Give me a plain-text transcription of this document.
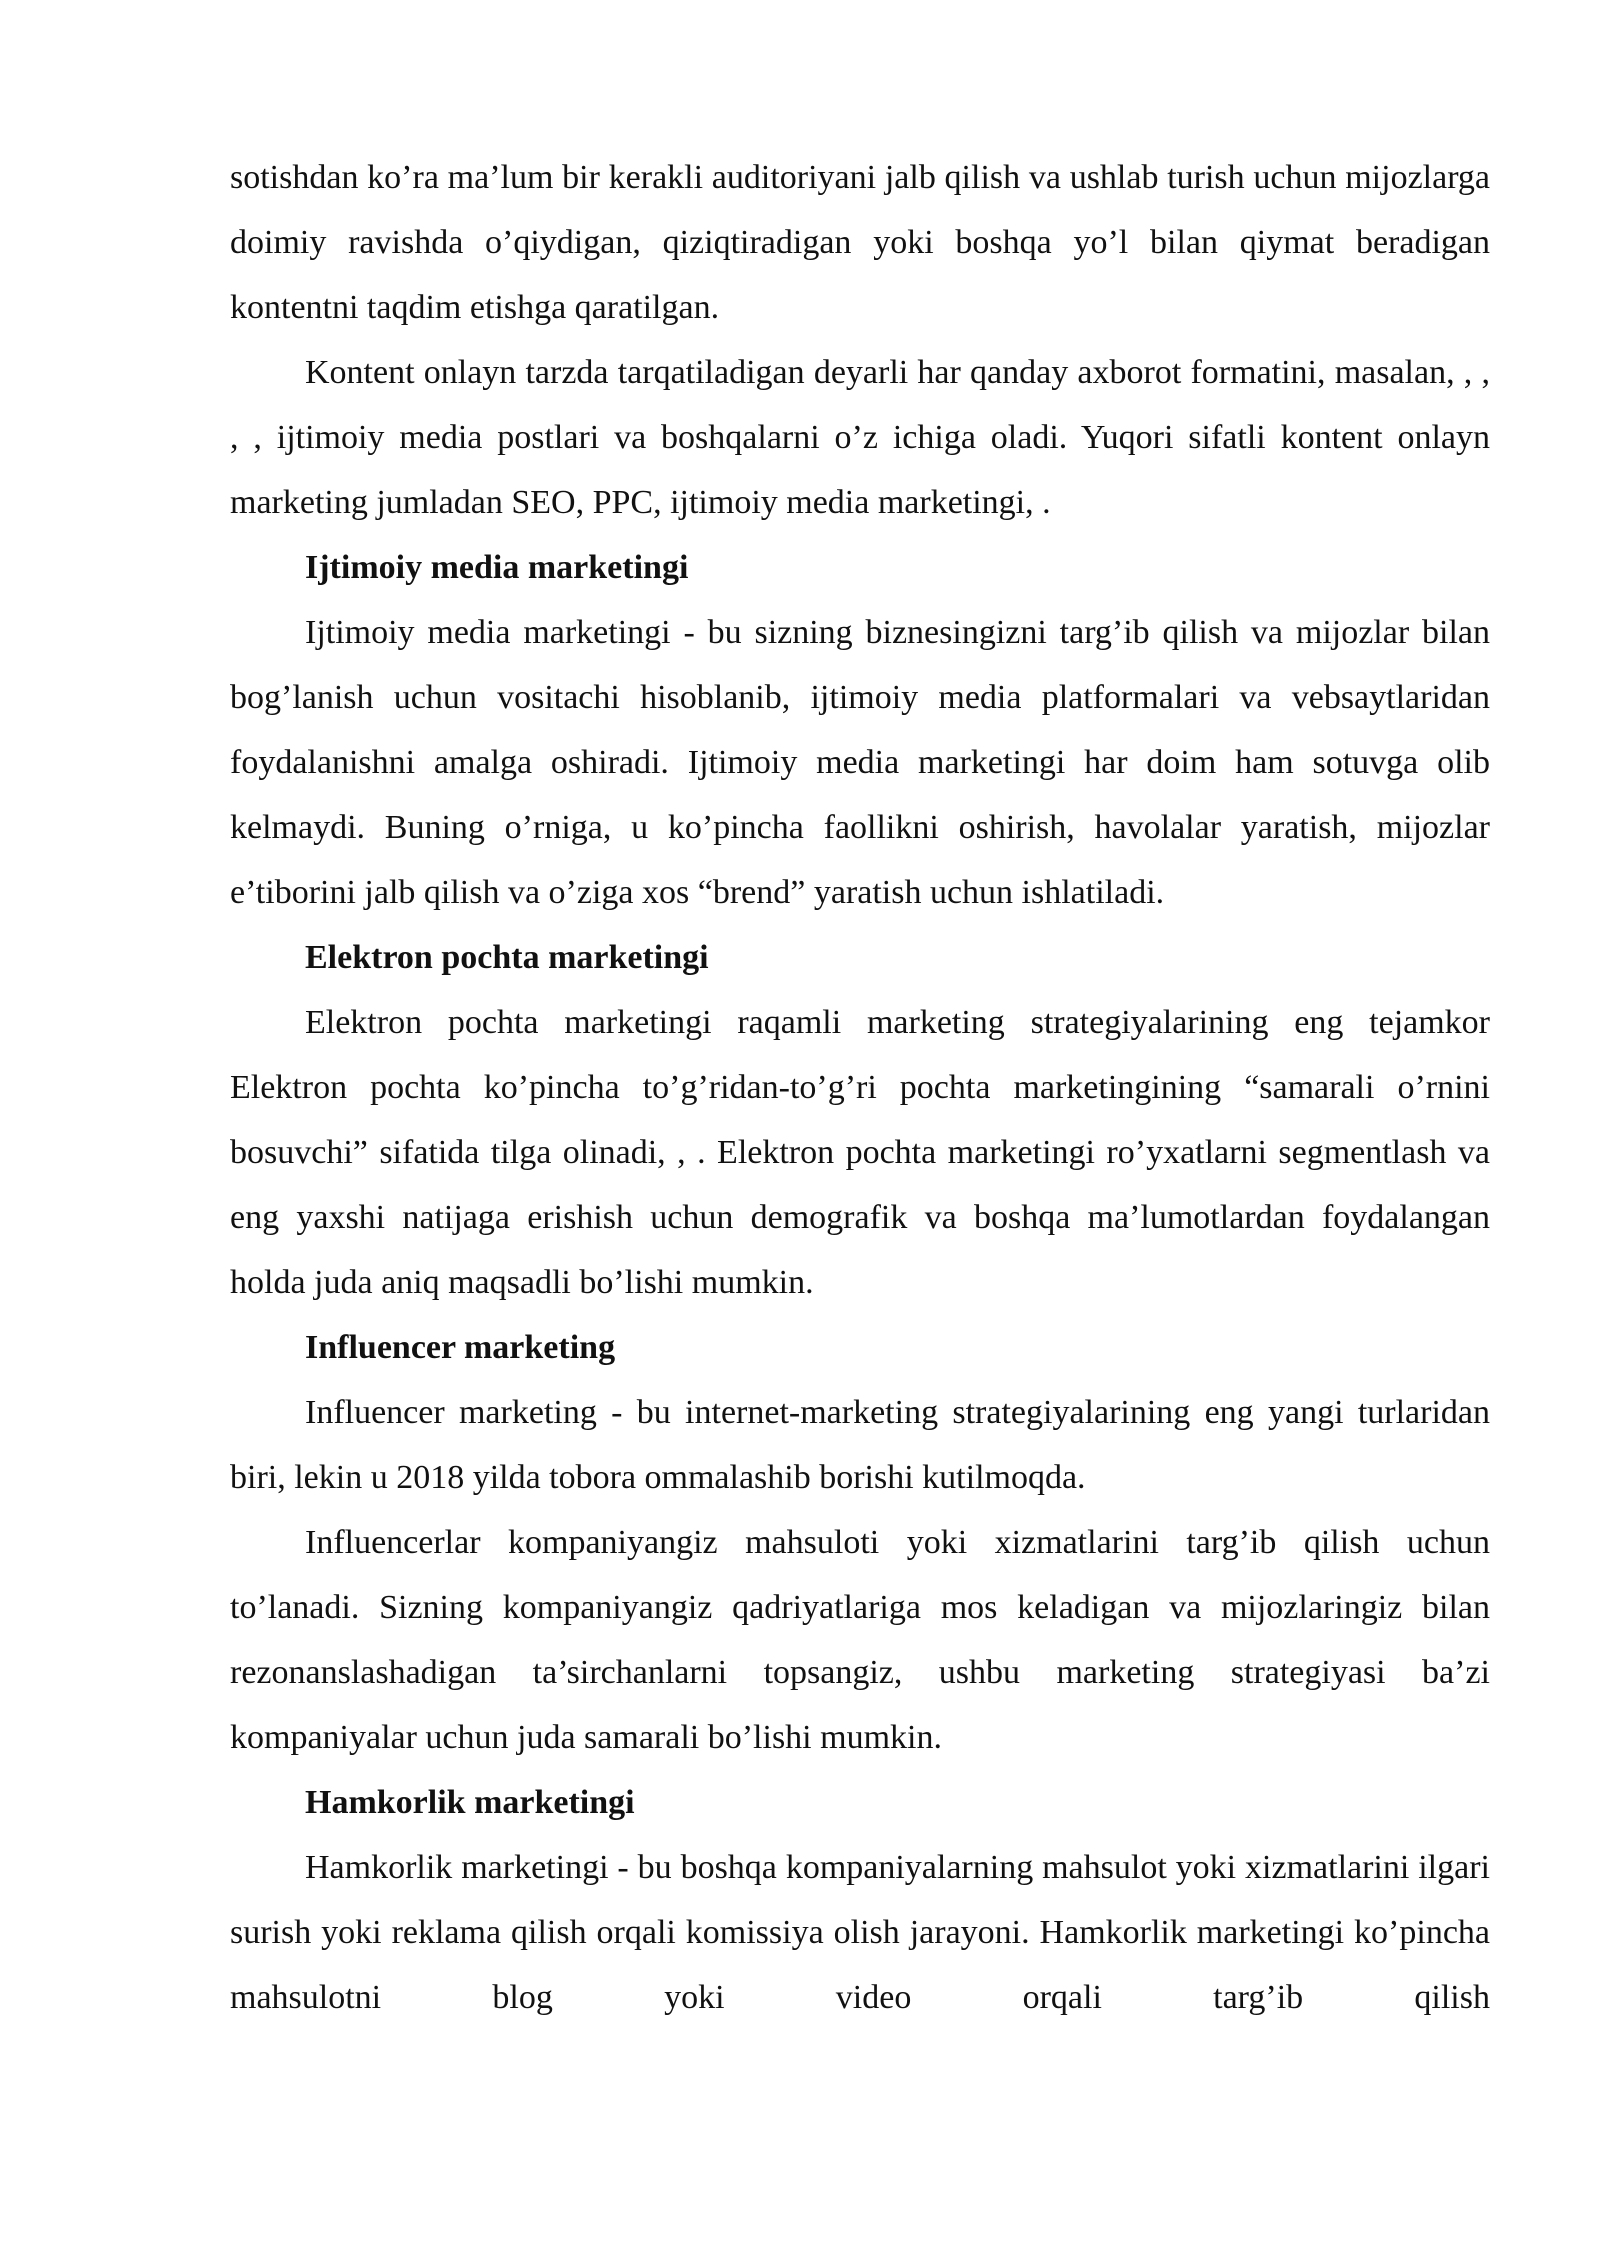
sotishdan ko’ra ma’lum bir kerakli auditoriyani jalb qilish va ushlab turish uchun mijozlarga doimiy ravishda o’qiydigan, qiziqtiradigan yoki boshqa yo’l bilan qiymat beradigan kontentni taqdim etishga qaratilgan.

Kontent onlayn tarzda tarqatiladigan deyarli har qanday axborot formatini, masalan, , , , , ijtimoiy media postlari va boshqalarni o’z ichiga oladi. Yuqori sifatli kontent onlayn marketing jumladan SEO, PPC, ijtimoiy media marketingi, .

Ijtimoiy media marketingi

Ijtimoiy media marketingi - bu sizning biznesingizni targ’ib qilish va mijozlar bilan bog’lanish uchun vositachi hisoblanib, ijtimoiy media platformalari va vebsaytlaridan foydalanishni amalga oshiradi. Ijtimoiy media marketingi har doim ham sotuvga olib kelmaydi. Buning o’rniga, u ko’pincha faollikni oshirish, havolalar yaratish, mijozlar e’tiborini jalb qilish va o’ziga xos “brend” yaratish uchun ishlatiladi.

Elektron pochta marketingi

Elektron pochta marketingi raqamli marketing strategiyalarining eng tejamkor Elektron pochta ko’pincha to’g’ridan-to’g’ri pochta marketingining “samarali o’rnini bosuvchi” sifatida tilga olinadi, , . Elektron pochta marketingi ro’yxatlarni segmentlash va eng yaxshi natijaga erishish uchun demografik va boshqa ma’lumotlardan foydalangan holda juda aniq maqsadli bo’lishi mumkin.

Influencer marketing

Influencer marketing - bu internet-marketing strategiyalarining eng yangi turlaridan biri, lekin u 2018 yilda tobora ommalashib borishi kutilmoqda.

Influencerlar kompaniyangiz mahsuloti yoki xizmatlarini targ’ib qilish uchun to’lanadi. Sizning kompaniyangiz qadriyatlariga mos keladigan va mijozlaringiz bilan rezonanslashadigan ta’sirchanlarni topsangiz, ushbu marketing strategiyasi ba’zi kompaniyalar uchun juda samarali bo’lishi mumkin.

Hamkorlik marketingi

Hamkorlik marketingi - bu boshqa kompaniyalarning mahsulot yoki xizmatlarini ilgari surish yoki reklama qilish orqali komissiya olish jarayoni. Hamkorlik marketingi ko’pincha mahsulotni blog yoki video orqali targ’ib qilish
